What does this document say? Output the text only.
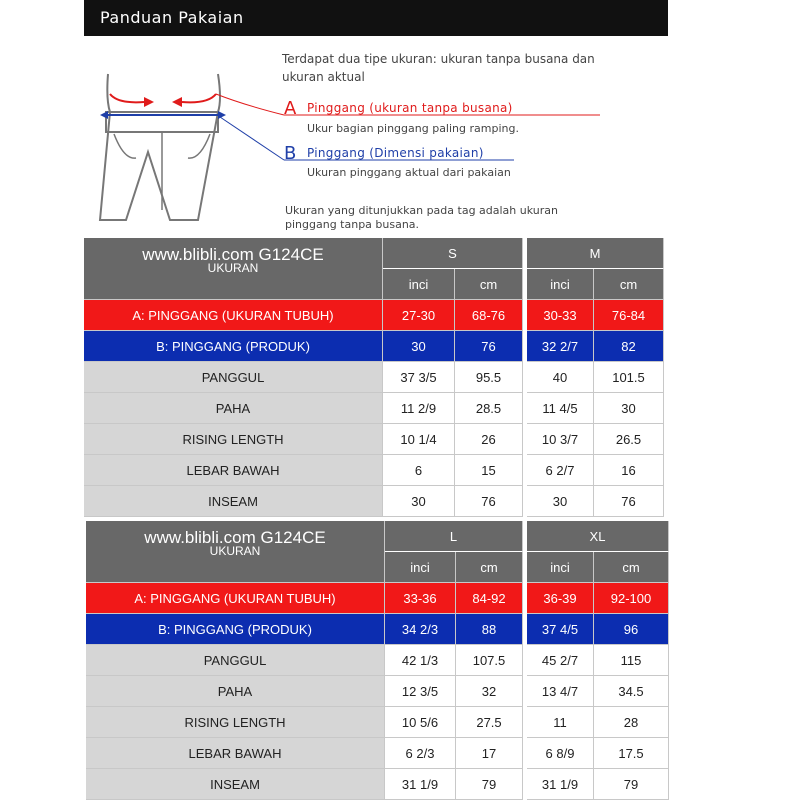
Panduan Pakaian
Terdapat dua tipe ukuran: ukuran tanpa busana dan ukuran aktual
A Pinggang (ukuran tanpa busana)
Ukur bagian pinggang paling ramping.
B Pinggang (Dimensi pakaian)
Ukuran pinggang aktual dari pakaian
Ukuran yang ditunjukkan pada tag adalah ukuran pinggang tanpa busana.
www.blibli.com G124CE
UKURAN	S			M	
	inci	cm		inci	cm
A: PINGGANG (UKURAN TUBUH)	27-30	68-76		30-33	76-84
B: PINGGANG (PRODUK)	30	76		32 2/7	82
PANGGUL	37 3/5	95.5		40	101.5
PAHA	11 2/9	28.5		11 4/5	30
RISING LENGTH	10 1/4	26		10 3/7	26.5
LEBAR BAWAH	6	15		6 2/7	16
INSEAM	30	76		30	76
www.blibli.com G124CE
UKURAN	L			XL	
	inci	cm		inci	cm
A: PINGGANG (UKURAN TUBUH)	33-36	84-92		36-39	92-100
B: PINGGANG (PRODUK)	34 2/3	88		37 4/5	96
PANGGUL	42 1/3	107.5		45 2/7	115
PAHA	12 3/5	32		13 4/7	34.5
RISING LENGTH	10 5/6	27.5		11	28
LEBAR BAWAH	6 2/3	17		6 8/9	17.5
INSEAM	31 1/9	79		31 1/9	79
